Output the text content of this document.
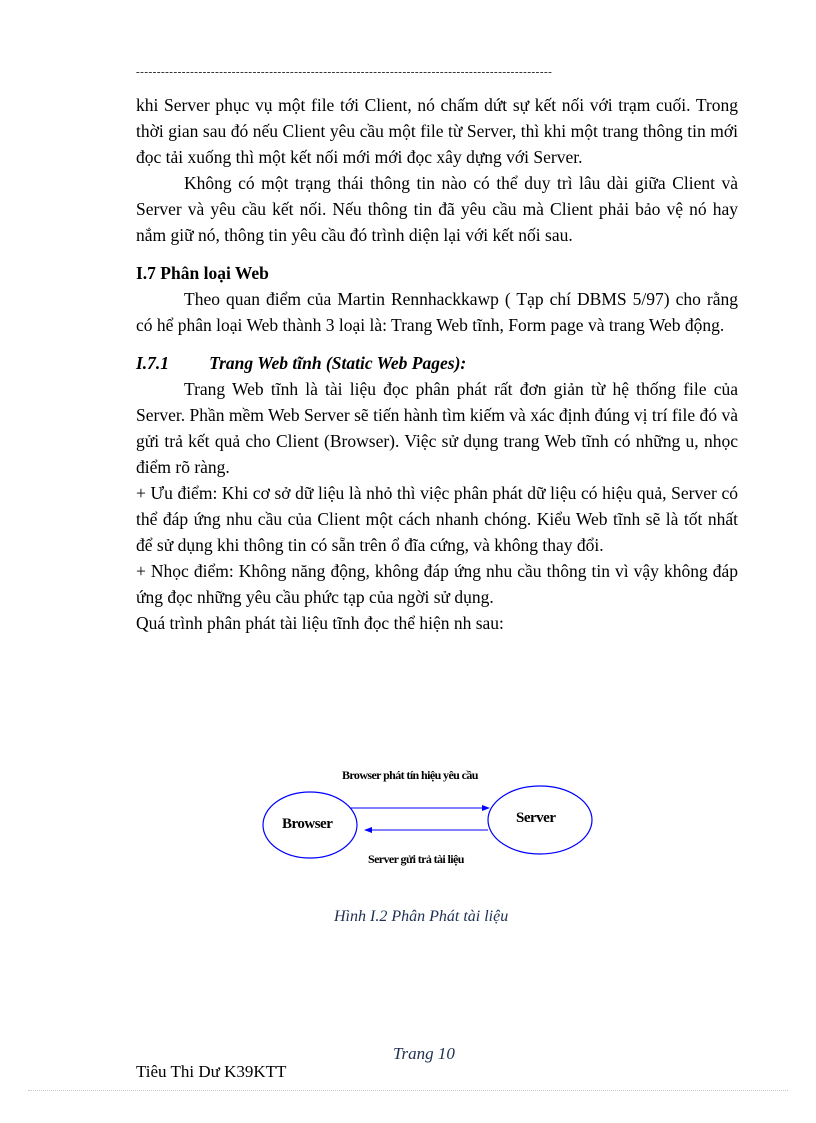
----------------------------------------------------------------------------------------------------

khi Server phục vụ một file tới Client, nó chấm dứt sự kết nối với trạm cuối. Trong thời gian sau đó nếu Client yêu cầu một file từ Server, thì khi một trang thông tin mới đọc tải xuống thì một kết nối mới mới đọc xây dựng với Server.

Không có một trạng thái thông tin nào có thể duy trì lâu dài giữa Client và Server và yêu cầu kết nối. Nếu thông tin đã yêu cầu mà Client phải bảo vệ nó hay nắm giữ nó, thông tin yêu cầu đó trình diện lại với kết nối sau.

I.7 Phân loại Web

Theo quan điểm của Martin Rennhackkawp ( Tạp chí DBMS 5/97) cho rằng có hể phân loại Web thành 3 loại là: Trang Web tĩnh, Form page và trang Web động.

I.7.1 Trang Web tĩnh (Static Web Pages):

Trang Web tĩnh là tài liệu đọc phân phát rất đơn giản từ hệ thống file của Server. Phần mềm Web Server sẽ tiến hành tìm kiếm và xác định đúng vị trí file đó và gửi trả kết quả cho Client (Browser). Việc sử dụng trang Web tĩnh có những u, nhọc điểm rõ ràng.

+ Ưu điểm: Khi cơ sở dữ liệu là nhỏ thì việc phân phát dữ liệu có hiệu quả, Server có thể đáp ứng nhu cầu của Client một cách nhanh chóng. Kiểu Web tĩnh sẽ là tốt nhất để sử dụng khi thông tin có sẵn trên ổ đĩa cứng, và không thay đổi.

+ Nhọc điểm: Không năng động, không đáp ứng nhu cầu thông tin vì vậy không đáp ứng đọc những yêu cầu phức tạp của ngời sử dụng.

Quá trình phân phát tài liệu tĩnh đọc thể hiện nh sau:

Browser phát tín hiệu yêu cầu
Browser	Server
Server gửi trả tài liệu
Hình I.2 Phân Phát tài liệu
Trang 10
Tiêu Thi Dư K39KTT
